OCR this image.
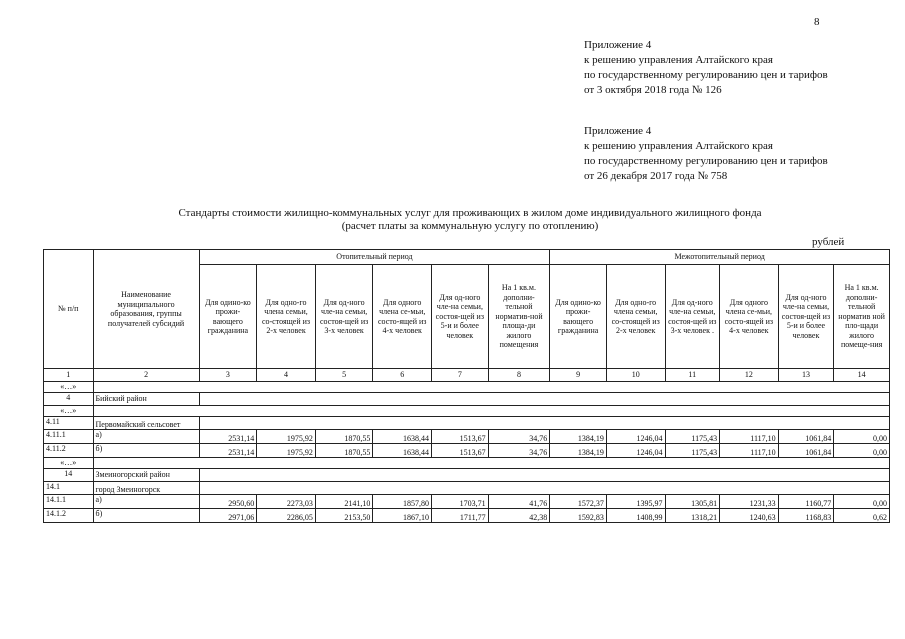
8
Приложение 4
к решению управления Алтайского края
по государственному регулированию цен и тарифов
от 3 октября 2018 года № 126
Приложение 4
к решению управления Алтайского края
по государственному регулированию цен и тарифов
от 26 декабря 2017 года № 758
Стандарты стоимости жилищно-коммунальных услуг для проживающих в жилом доме индивидуального жилищного фонда
(расчет платы за коммунальную услугу по отоплению)
рублей
№ п/п	Наименование муниципального образования, группы получателей субсидий	Отопительный период						Межотопительный период					
		Для одино-ко прожи-вающего гражданина	Для одно-го члена семьи, со-стоящей из 2-х человек	Для од-ного чле-на семьи, состоя-щей из 3-х человек	Для одного члена се-мьи, состо-ящей из 4-х человек	Для од-ного чле-на семьи, состоя-щей из 5-и и более человек	На 1 кв.м. дополни-тельной норматив-ной площа-ди жилого помещения	Для одино-ко прожи-вающего гражданина	Для одно-го члена семьи, со-стоящей из 2-х человек	Для од-ного чле-на семьи, состоя-щей из 3-х человек .	Для одного члена се-мьи, состо-ящей из 4-х человек	Для од-ного чле-на семьи, состоя-щей из 5-и и более человек	На 1 кв.м. дополни-тельной норматив ной пло-щади жилого помеще-ния
1	2	3	4	5	6	7	8	9	10	11	12	13	14
«…»													
4	Бийский район												
«…»													
4.11	Первомайский сельсовет												
4.11.1	а)	2531,14	1975,92	1870,55	1638,44	1513,67	34,76	1384,19	1246,04	1175,43	1117,10	1061,84	0,00
4.11.2	б)	2531,14	1975,92	1870,55	1638,44	1513,67	34,76	1384,19	1246,04	1175,43	1117,10	1061,84	0,00
«…»													
14	Змеиногорский район												
14.1	город Змеиногорск												
14.1.1	а)	2950,60	2273,03	2141,10	1857,80	1703,71	41,76	1572,37	1395,97	1305,81	1231,33	1160,77	0,00
14.1.2	б)	2971,06	2286,05	2153,50	1867,10	1711,77	42,38	1592,83	1408,99	1318,21	1240,63	1168,83	0,62
